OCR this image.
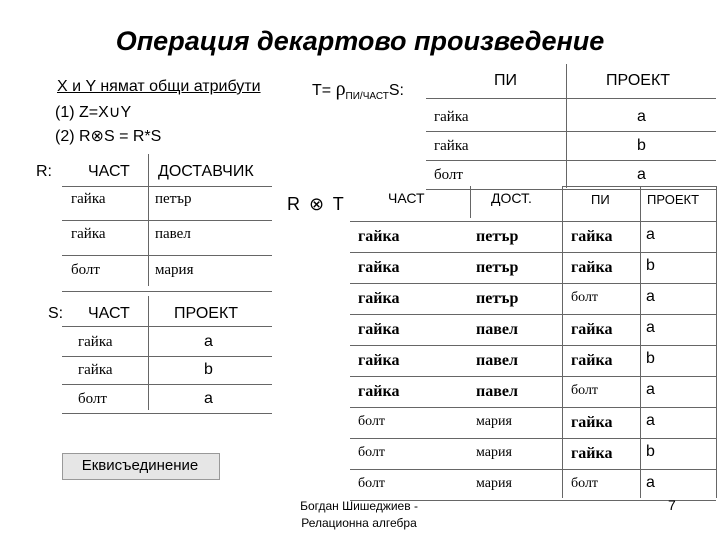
Операция декартово произведение
X и Y нямат общи атрибути
(1) Z=X∪Y
(2) R⊗S = R*S
$T= \rho_{ПИ/ЧАСТ}S$:
ПИ	ПРОЕКТ
гайка	a
гайка	b
болт	a
R: ЧАСТ ДОСТАВЧИК
гайка	петър
гайка	павел
болт	мария
S: ЧАСТ	ПРОЕКТ
гайка	a
гайка	b
болт	a
R ⊗ T	ЧАСТ	ДОСТ.	ПИ	ПРОЕКТ
гайка	петър	гайка a
гайка	петър	гайка b
гайка	петър	болт	a
гайка	павел	гайка a
гайка	павел	гайка b
гайка	павел	болт	a
болт	мария	гайка a
болт	мария	гайка b
болт	мария	болт	a
Еквисъединение
Богдан Шишеджиев -
Релационна алгебра
7
